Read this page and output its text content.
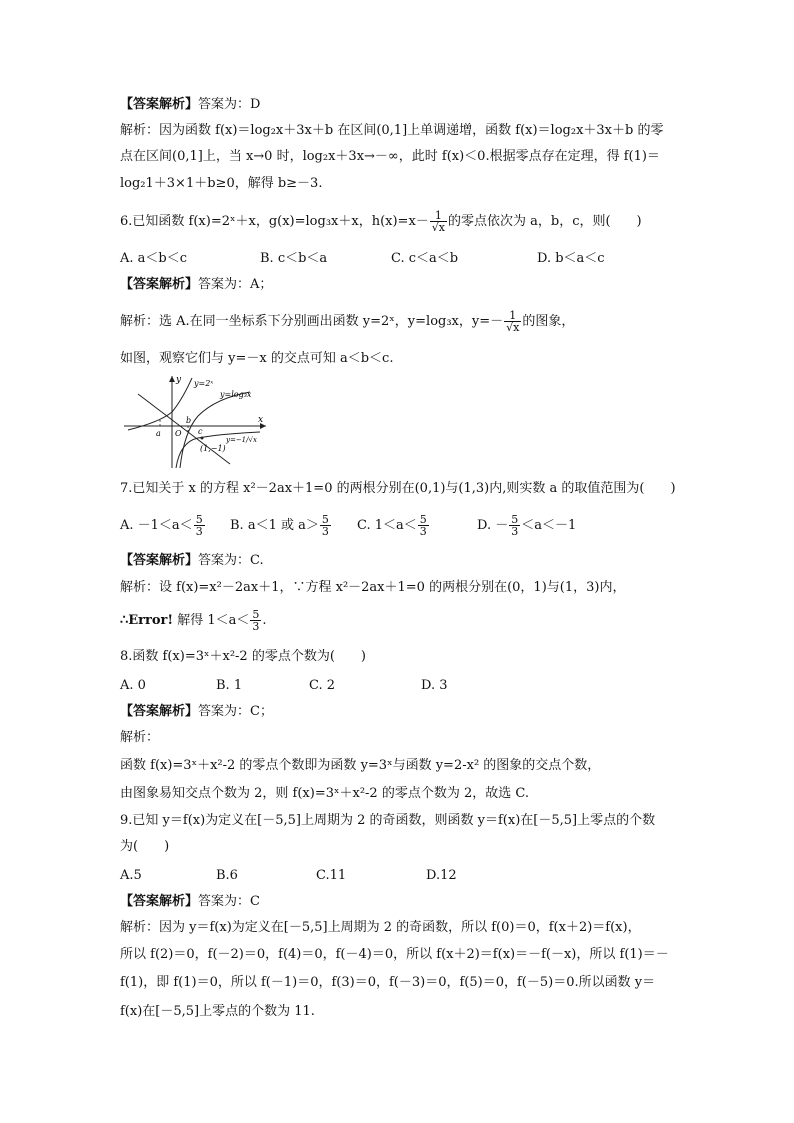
【答案解析】答案为：D
解析：因为函数 f(x)＝log₂x＋3x＋b 在区间(0,1]上单调递增，函数 f(x)＝log₂x＋3x＋b 的零
点在区间(0,1]上，当 x→0 时，log₂x＋3x→－∞，此时 f(x)＜0.根据零点存在定理，得 f(1)＝
log₂1＋3×1＋b≥0，解得 b≥－3.
6.已知函数 f(x)=2ˣ＋x，g(x)=log₃x＋x，$h(x)=x- \frac{1}{√x}$ 的零点依次为 a，b，c，则(　　)
A. a＜b＜c	B. c＜b＜a	C. c＜a＜b	D. b＜a＜c
【答案解析】答案为：A；
解析：选 A.在同一坐标系下分别画出函数 y=2ˣ，y=log₃x，$y=- \frac{1}{√x}$ 的图象，
如图，观察它们与 y=－x 的交点可知 a＜b＜c.
y
x
y=2ˣ
y=log₃x
a
b
c
O
(1,−1)
y=−1/√x
7.已知关于 x 的方程 x²－2ax＋1=0 的两根分别在(0,1)与(1,3)内,则实数 a 的取值范围为(　　)
A. $-1<a< \frac{5}{3} B$. a＜1 或 $a> \frac{5}{3} C$. $1<a< \frac{5}{3}$	D. － $\frac{5}{3} <a<-1$
【答案解析】答案为：C.
解析：设 f(x)=x²－2ax＋1，∵方程 x²－2ax＋1=0 的两根分别在(0，1)与(1，3)内，
∴Error! 解得 $1<a< \frac{5}{3}$ .
8.函数 f(x)=3ˣ＋x²-2 的零点个数为(　　)
A. 0	B. 1	C. 2	D. 3
【答案解析】答案为：C；
解析：
函数 f(x)=3ˣ＋x²-2 的零点个数即为函数 y=3ˣ与函数 y=2-x² 的图象的交点个数，
由图象易知交点个数为 2，则 f(x)=3ˣ＋x²-2 的零点个数为 2，故选 C.
9.已知 y＝f(x)为定义在[－5,5]上周期为 2 的奇函数，则函数 y＝f(x)在[－5,5]上零点的个数
为(　　)
A.5	B.6	C.11	D.12
【答案解析】答案为：C
解析：因为 y＝f(x)为定义在[－5,5]上周期为 2 的奇函数，所以 f(0)＝0，f(x＋2)＝f(x)，
所以 f(2)＝0，f(－2)＝0，f(4)＝0，f(－4)＝0，所以 f(x＋2)＝f(x)＝－f(－x)，所以 f(1)＝－
f(1)，即 f(1)＝0，所以 f(－1)＝0，f(3)＝0，f(－3)＝0，f(5)＝0，f(－5)＝0.所以函数 y＝
f(x)在[－5,5]上零点的个数为 11.
